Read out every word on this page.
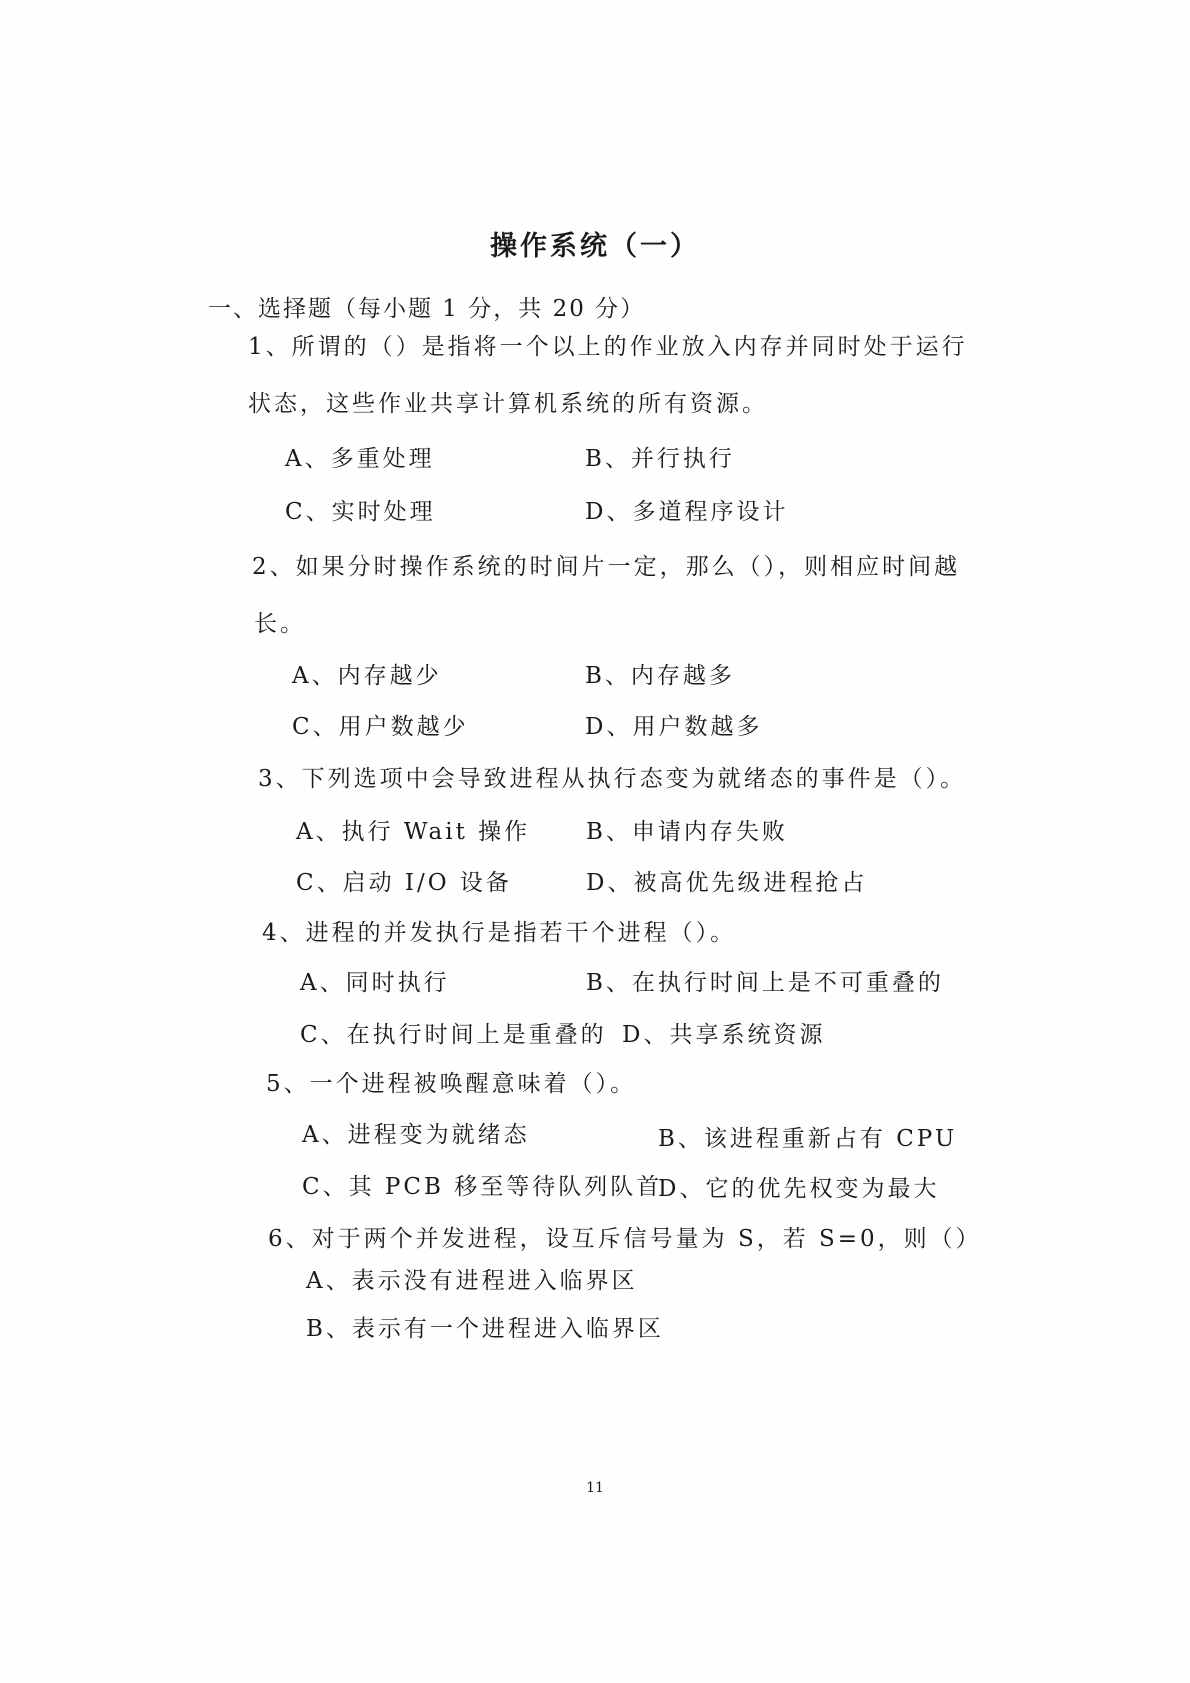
操作系统（一）
一、选择题（每小题 1 分，共 20 分）
1、所谓的（）是指将一个以上的作业放入内存并同时处于运行
状态，这些作业共享计算机系统的所有资源。
A、多重处理	B、并行执行
C、实时处理	D、多道程序设计
2、如果分时操作系统的时间片一定，那么（），则相应时间越
长。
A、内存越少	B、内存越多
C、用户数越少	D、用户数越多
3、下列选项中会导致进程从执行态变为就绪态的事件是（）。
A、执行 Wait 操作 B、申请内存失败
C、启动 I/O 设备	D、被高优先级进程抢占
4、进程的并发执行是指若干个进程（）。
A、同时执行	B、在执行时间上是不可重叠的
C、在执行时间上是重叠的 D、共享系统资源
5、一个进程被唤醒意味着（）。
A、进程变为就绪态	B、该进程重新占有 CPU
C、其 PCB 移至等待队列队首
D、它的优先权变为最大
6、对于两个并发进程，设互斥信号量为 S，若 S=0，则（）
A、表示没有进程进入临界区
B、表示有一个进程进入临界区
11
